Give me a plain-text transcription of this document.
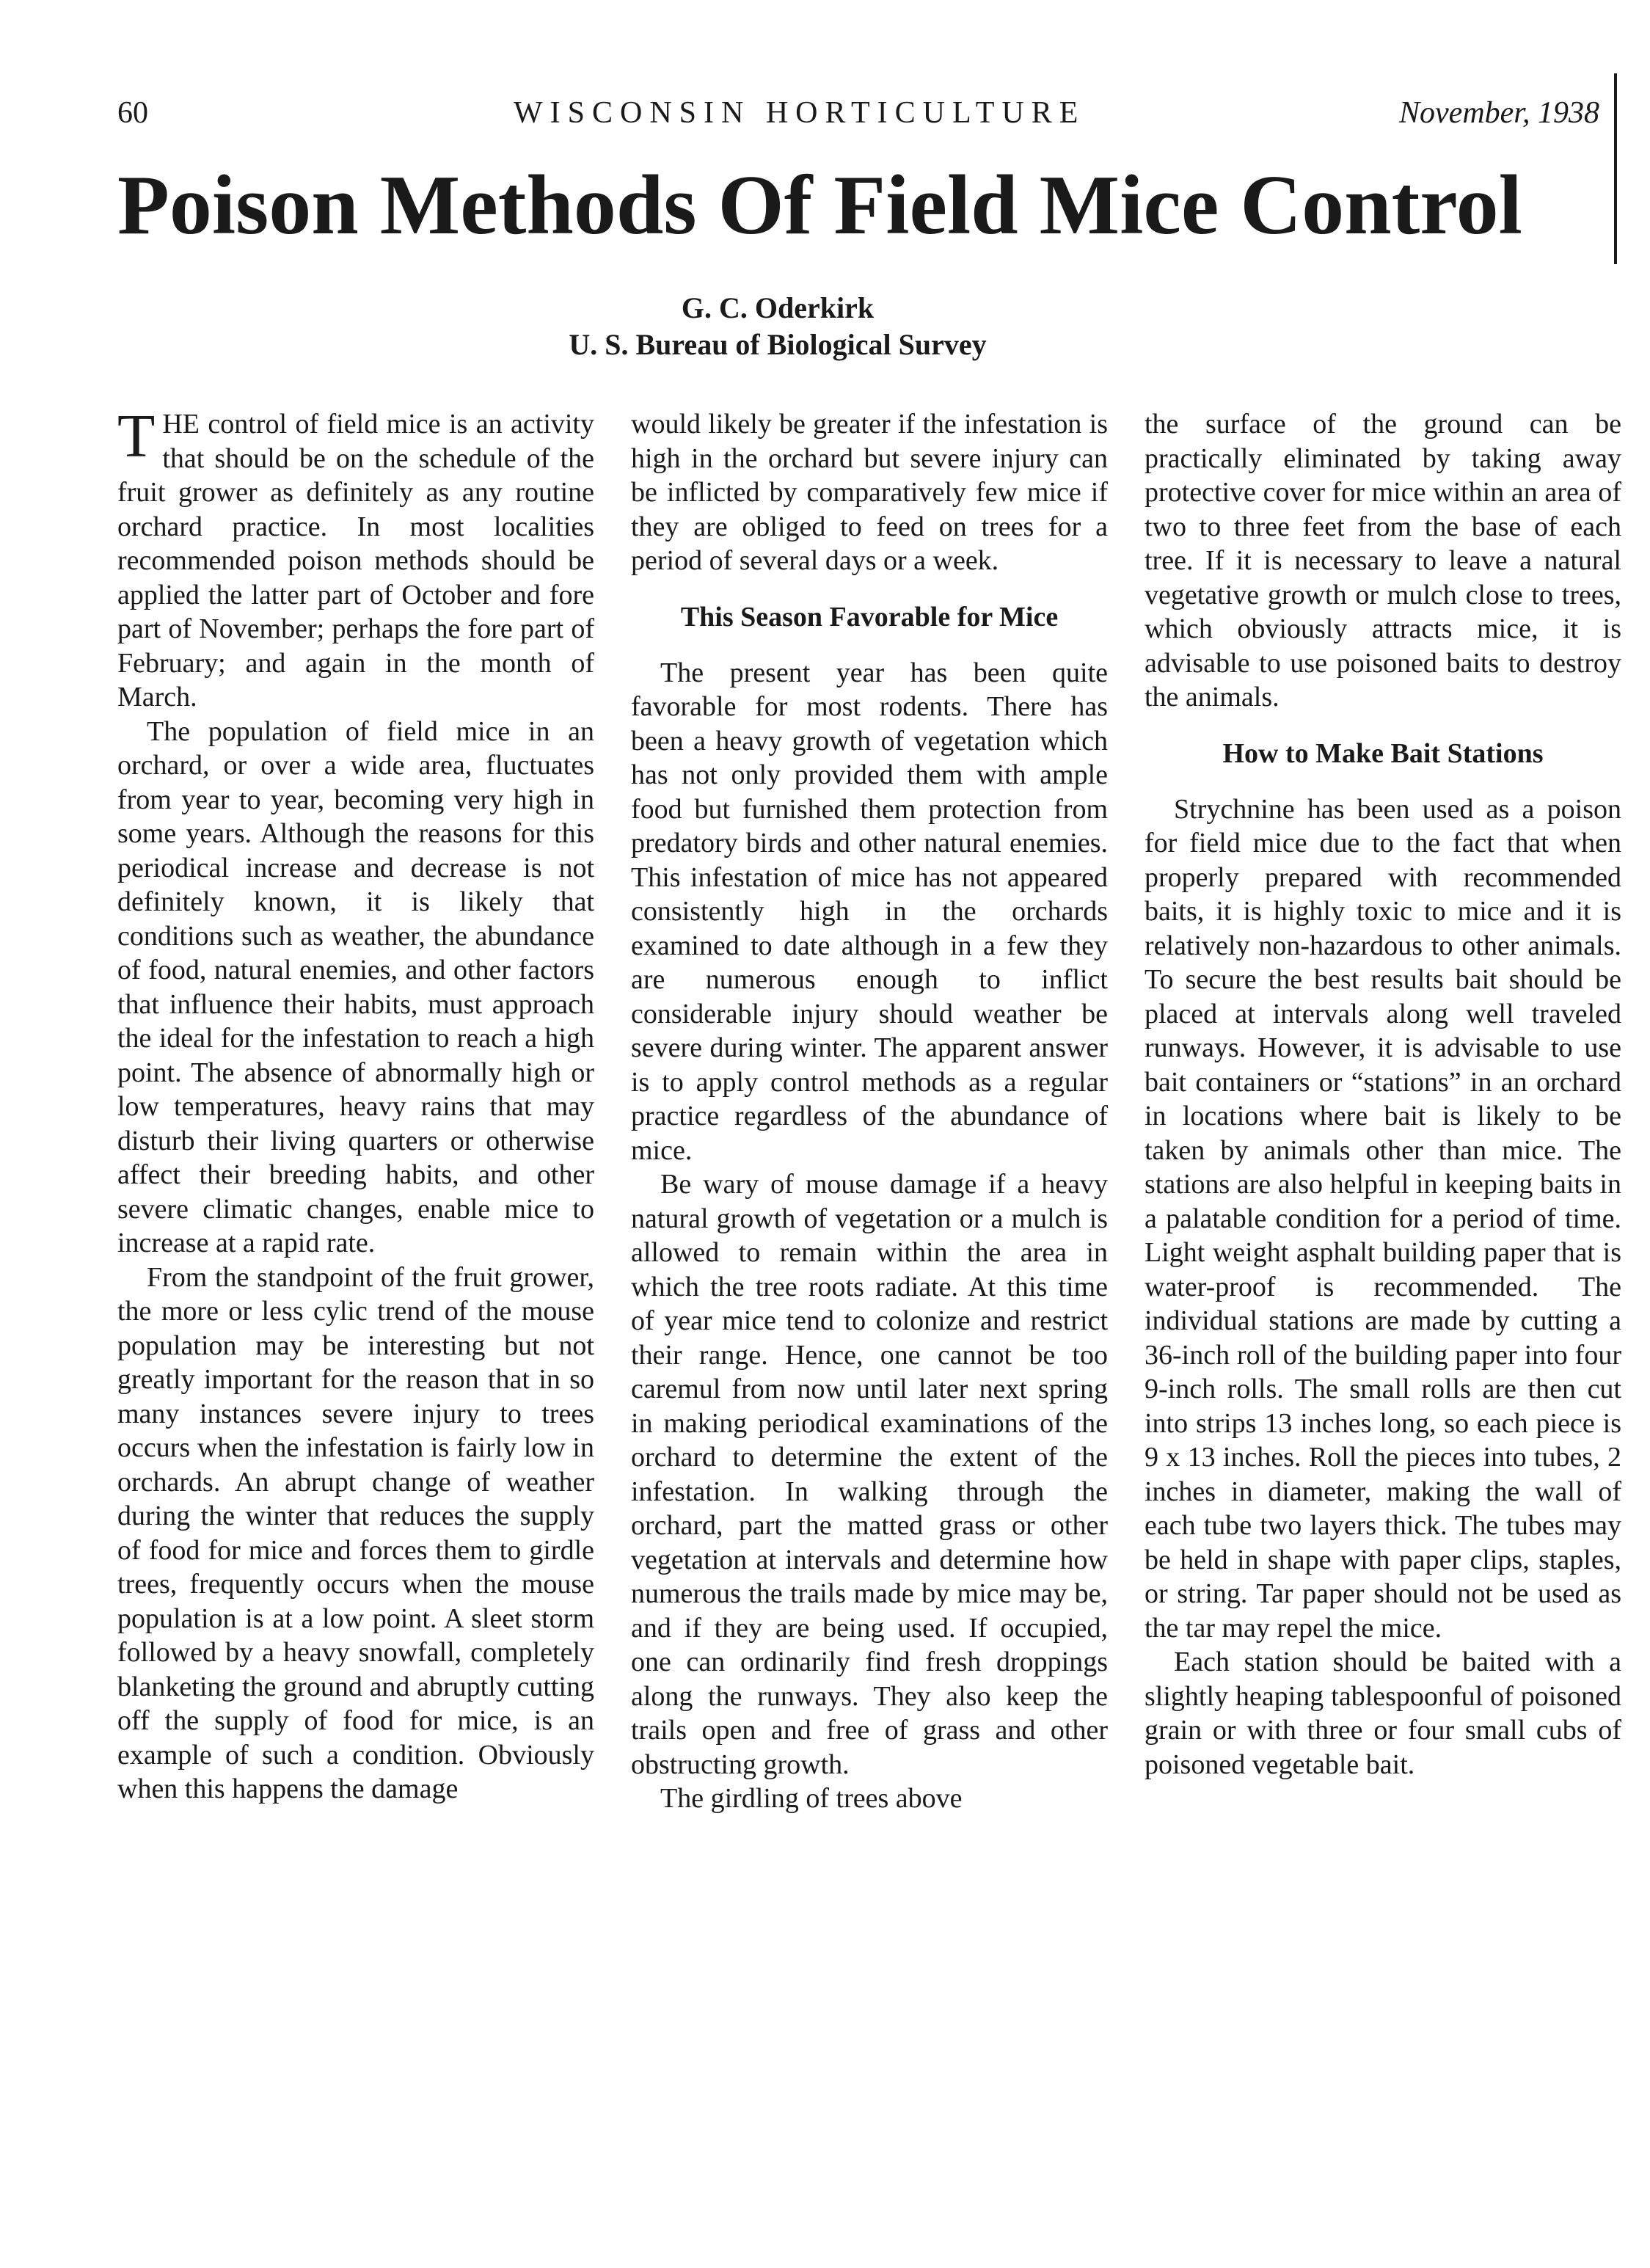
60	WISCONSIN HORTICULTURE	November, 1938
Poison Methods Of Field Mice Control
G. C. Oderkirk
U. S. Bureau of Biological Survey

THE control of field mice is an activity that should be on the schedule of the fruit grower as definitely as any routine orchard practice. In most localities recommended poison methods should be applied the latter part of October and fore part of November; perhaps the fore part of February; and again in the month of March.

The population of field mice in an orchard, or over a wide area, fluctuates from year to year, becoming very high in some years. Although the reasons for this periodical increase and decrease is not definitely known, it is likely that conditions such as weather, the abundance of food, natural enemies, and other factors that influence their habits, must approach the ideal for the infestation to reach a high point. The absence of abnormally high or low temperatures, heavy rains that may disturb their living quarters or otherwise affect their breeding habits, and other severe climatic changes, enable mice to increase at a rapid rate.

From the standpoint of the fruit grower, the more or less cylic trend of the mouse population may be interesting but not greatly important for the reason that in so many instances severe injury to trees occurs when the infestation is fairly low in orchards. An abrupt change of weather during the winter that reduces the supply of food for mice and forces them to girdle trees, frequently occurs when the mouse population is at a low point. A sleet storm followed by a heavy snowfall, completely blanketing the ground and abruptly cutting off the supply of food for mice, is an example of such a condition. Obviously when this happens the damage

would likely be greater if the infestation is high in the orchard but severe injury can be inflicted by comparatively few mice if they are obliged to feed on trees for a period of several days or a week.

This Season Favorable for Mice

The present year has been quite favorable for most rodents. There has been a heavy growth of vegetation which has not only provided them with ample food but furnished them protection from predatory birds and other natural enemies. This infestation of mice has not appeared consistently high in the orchards examined to date although in a few they are numerous enough to inflict considerable injury should weather be severe during winter. The apparent answer is to apply control methods as a regular practice regardless of the abundance of mice.

Be wary of mouse damage if a heavy natural growth of vegetation or a mulch is allowed to remain within the area in which the tree roots radiate. At this time of year mice tend to colonize and restrict their range. Hence, one cannot be too caremul from now until later next spring in making periodical examinations of the orchard to determine the extent of the infestation. In walking through the orchard, part the matted grass or other vegetation at intervals and determine how numerous the trails made by mice may be, and if they are being used. If occupied, one can ordinarily find fresh droppings along the runways. They also keep the trails open and free of grass and other obstructing growth.

The girdling of trees above

the surface of the ground can be practically eliminated by taking away protective cover for mice within an area of two to three feet from the base of each tree. If it is necessary to leave a natural vegetative growth or mulch close to trees, which obviously attracts mice, it is advisable to use poisoned baits to destroy the animals.

How to Make Bait Stations

Strychnine has been used as a poison for field mice due to the fact that when properly prepared with recommended baits, it is highly toxic to mice and it is relatively non-hazardous to other animals. To secure the best results bait should be placed at intervals along well traveled runways. However, it is advisable to use bait containers or “stations” in an orchard in locations where bait is likely to be taken by animals other than mice. The stations are also helpful in keeping baits in a palatable condition for a period of time. Light weight asphalt building paper that is water-proof is recommended. The individual stations are made by cutting a 36-inch roll of the building paper into four 9-inch rolls. The small rolls are then cut into strips 13 inches long, so each piece is 9 x 13 inches. Roll the pieces into tubes, 2 inches in diameter, making the wall of each tube two layers thick. The tubes may be held in shape with paper clips, staples, or string. Tar paper should not be used as the tar may repel the mice.

Each station should be baited with a slightly heaping tablespoonful of poisoned grain or with three or four small cubs of poisoned vegetable bait.
